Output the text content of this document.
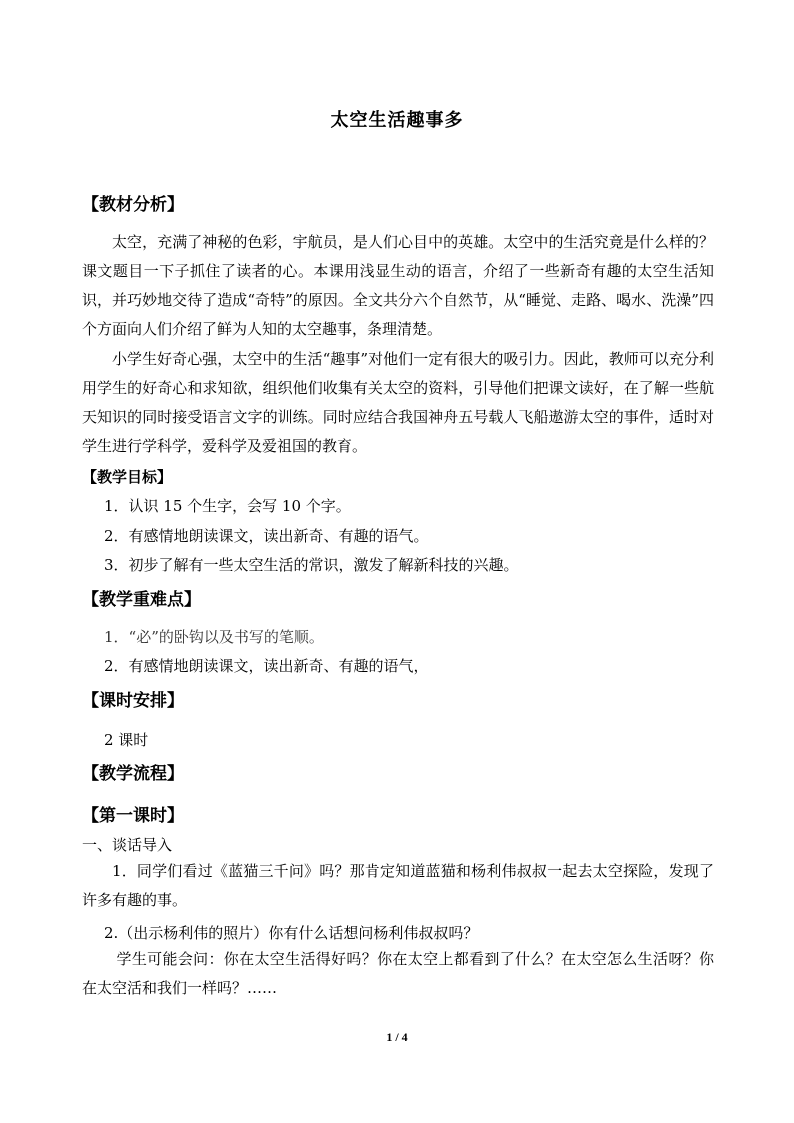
太空生活趣事多
【教材分析】

太空，充满了神秘的色彩，宇航员，是人们心目中的英雄。太空中的生活究竟是什么样的？课文题目一下子抓住了读者的心。本课用浅显生动的语言，介绍了一些新奇有趣的太空生活知识，并巧妙地交待了造成“奇特”的原因。全文共分六个自然节，从“睡觉、走路、喝水、洗澡”四个方面向人们介绍了鲜为人知的太空趣事，条理清楚。

小学生好奇心强，太空中的生活“趣事”对他们一定有很大的吸引力。因此，教师可以充分利用学生的好奇心和求知欲，组织他们收集有关太空的资料，引导他们把课文读好，在了解一些航天知识的同时接受语言文字的训练。同时应结合我国神舟五号载人飞船遨游太空的事件，适时对学生进行学科学，爱科学及爱祖国的教育。

【教学目标】
1．认识 15 个生字，会写 10 个字。
2．有感情地朗读课文，读出新奇、有趣的语气。
3．初步了解有一些太空生活的常识，激发了解新科技的兴趣。
【教学重难点】
1．“必”的卧钩以及书写的笔顺。
2．有感情地朗读课文，读出新奇、有趣的语气，
【课时安排】
2 课时
【教学流程】
【第一课时】
一、谈话导入

1．同学们看过《蓝猫三千问》吗？那肯定知道蓝猫和杨利伟叔叔一起去太空探险，发现了许多有趣的事。

2.（出示杨利伟的照片）你有什么话想问杨利伟叔叔吗？

学生可能会问：你在太空生活得好吗？你在太空上都看到了什么？在太空怎么生活呀？你在太空活和我们一样吗？……

1 / 4
